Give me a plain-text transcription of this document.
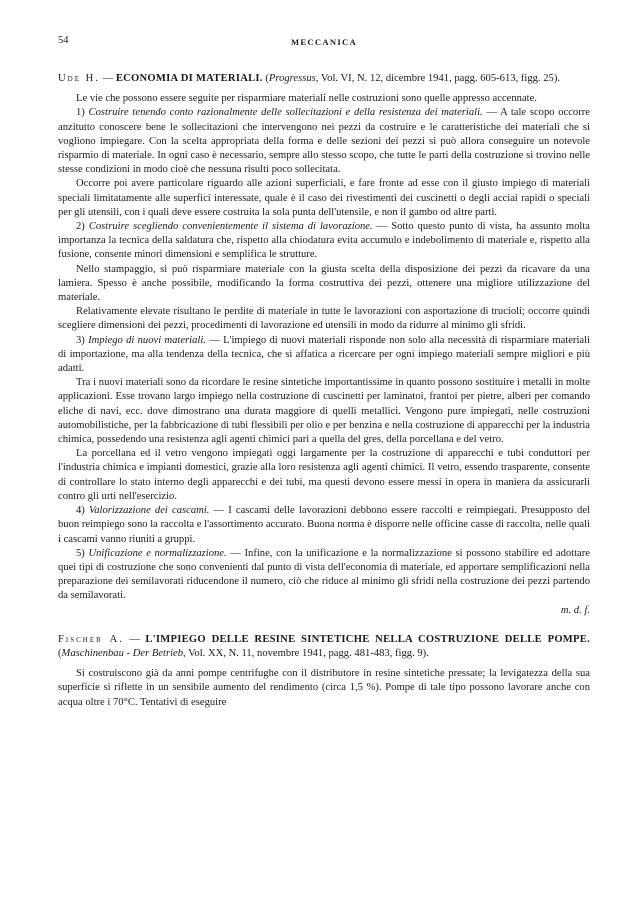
54	MECCANICA

Ude H. — ECONOMIA DI MATERIALI. (Progressus, Vol. VI, N. 12, dicembre 1941, pagg. 605-613, figg. 25).

Le vie che possono essere seguite per risparmiare materiali nelle costruzioni sono quelle appresso accennate.

1) Costruire tenendo conto razionalmente delle sollecitazioni e della resistenza dei materiali. — A tale scopo occorre anzitutto conoscere bene le sollecitazioni che intervengono nei pezzi da costruire e le caratteristiche dei materiali che si vogliono impiegare. Con la scelta appropriata della forma e delle sezioni dei pezzi si può allora conseguire un notevole risparmio di materiale. In ogni caso è necessario, sempre allo stesso scopo, che tutte le parti della costruzione si trovino nelle stesse condizioni in modo cioè che nessuna risulti poco sollecitata.

Occorre poi avere particolare riguardo alle azioni superficiali, e fare fronte ad esse con il giusto impiego di materiali speciali limitatamente alle superfici interessate, quale è il caso dei rivestimenti dei cuscinetti o degli acciai rapidi o speciali per gli utensili, con i quali deve essere costruita la sola punta dell'utensile, e non il gambo od altre parti.

2) Costruire scegliendo convenientemente il sistema di lavorazione. — Sotto questo punto di vista, ha assunto molta importanza la tecnica della saldatura che, rispetto alla chiodatura evita accumulo e indebolimento di materiale e, rispetto alla fusione, consente minori dimensioni e semplifica le strutture.

Nello stampaggio, si può risparmiare materiale con la giusta scelta della disposizione dei pezzi da ricavare da una lamiera. Spesso è anche possibile, modificando la forma costruttiva dei pezzi, ottenere una migliore utilizzazione del materiale.

Relativamente elevate risultano le perdite di materiale in tutte le lavorazioni con asportazione di trucioli; occorre quindi scegliere dimensioni dei pezzi, procedimenti di lavorazione ed utensili in modo da ridurre al minimo gli sfridi.

3) Impiego di nuovi materiali. — L'impiego di nuovi materiali risponde non solo alla necessità di risparmiare materiali di importazione, ma alla tendenza della tecnica, che si affatica a ricercare per ogni impiego materiali sempre migliori e più adatti.

Tra i nuovi materiali sono da ricordare le resine sintetiche importantissime in quanto possono sostituire i metalli in molte applicazioni. Esse trovano largo impiego nella costruzione di cuscinetti per laminatoi, frantoi per pietre, alberi per comando eliche di navi, ecc. dove dimostrano una durata maggiore di quelli metallici. Vengono pure impiegati, nelle costruzioni automobilistiche, per la fabbricazione di tubi flessibili per olio e per benzina e nella costruzione di apparecchi per la industria chimica, possedendo una resistenza agli agenti chimici pari a quella del gres, della porcellana e del vetro.

La porcellana ed il vetro vengono impiegati oggi largamente per la costruzione di apparecchi e tubi conduttori per l'industria chimica e impianti domestici, grazie alla loro resistenza agli agenti chimici. Il vetro, essendo trasparente, consente di controllare lo stato interno degli apparecchi e dei tubi, ma questi devono essere messi in opera in maniera da assicurarli contro gli urti nell'esercizio.

4) Valorizzazione dei cascami. — I cascami delle lavorazioni debbono essere raccolti e reimpiegati. Presupposto del buon reimpiego sono la raccolta e l'assortimento accurato. Buona norma è disporre nelle officine casse di raccolta, nelle quali i cascami vanno riuniti a gruppi.

5) Unificazione e normalizzazione. — Infine, con la unificazione e la normalizzazione si possono stabilire ed adottare quei tipi di costruzione che sono convenienti dal punto di vista dell'economia di materiale, ed apportare semplificazioni nella preparazione dei semilavorati riducendone il numero, ciò che riduce al minimo gli sfridi nella costruzione dei pezzi partendo da semilavorati.

m. d. f.

Fischer A. — L'IMPIEGO DELLE RESINE SINTETICHE NELLA COSTRUZIONE DELLE POMPE. (Maschinenbau - Der Betrieb, Vol. XX, N. 11, novembre 1941, pagg. 481-483, figg. 9).

Si costruiscono già da anni pompe centrifughe con il distributore in resine sintetiche pressate; la levigatezza della sua superficie si riflette in un sensibile aumento del rendimento (circa 1,5 %). Pompe di tale tipo possono lavorare anche con acqua oltre i 70°C. Tentativi di eseguire
